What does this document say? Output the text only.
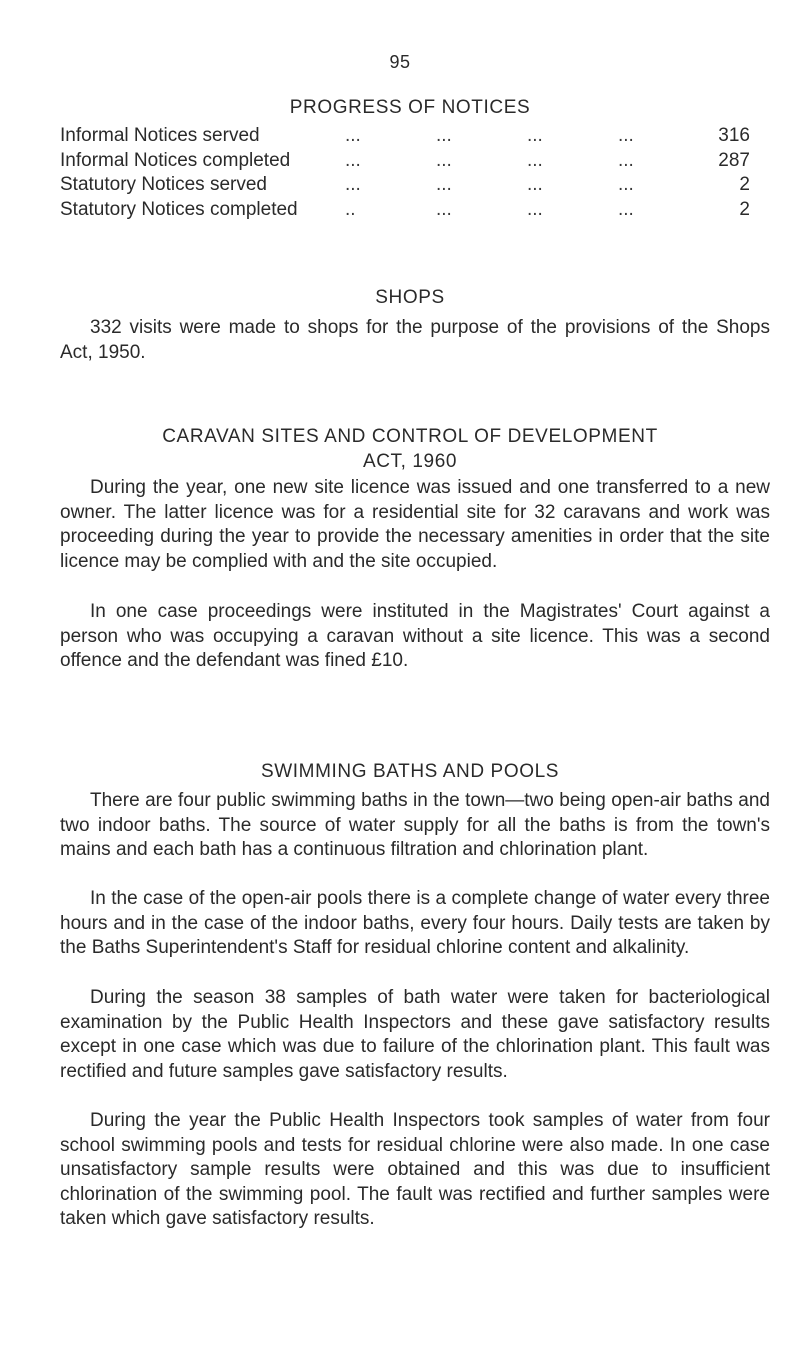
95
PROGRESS OF NOTICES
Informal Notices served	...	...	...	...	316
Informal Notices completed	...	...	...	...	287
Statutory Notices served	...	...	...	...	2
Statutory Notices completed ..	...	...	...	2
SHOPS

332 visits were made to shops for the purpose of the provisions of the Shops Act, 1950.

CARAVAN SITES AND CONTROL OF DEVELOPMENT
ACT, 1960

During the year, one new site licence was issued and one transferred to a new owner. The latter licence was for a residential site for 32 caravans and work was proceeding during the year to provide the necessary amenities in order that the site licence may be complied with and the site occupied.

In one case proceedings were instituted in the Magistrates' Court against a person who was occupying a caravan without a site licence. This was a second offence and the defendant was fined £10.

SWIMMING BATHS AND POOLS

There are four public swimming baths in the town—two being open-air baths and two indoor baths. The source of water supply for all the baths is from the town's mains and each bath has a continuous filtration and chlorination plant.

In the case of the open-air pools there is a complete change of water every three hours and in the case of the indoor baths, every four hours. Daily tests are taken by the Baths Superintendent's Staff for residual chlorine content and alkalinity.

During the season 38 samples of bath water were taken for bacteriological examination by the Public Health Inspectors and these gave satisfactory results except in one case which was due to failure of the chlorination plant. This fault was rectified and future samples gave satisfactory results.

During the year the Public Health Inspectors took samples of water from four school swimming pools and tests for residual chlorine were also made. In one case unsatisfactory sample results were obtained and this was due to insufficient chlorination of the swimming pool. The fault was rectified and further samples were taken which gave satisfactory results.
